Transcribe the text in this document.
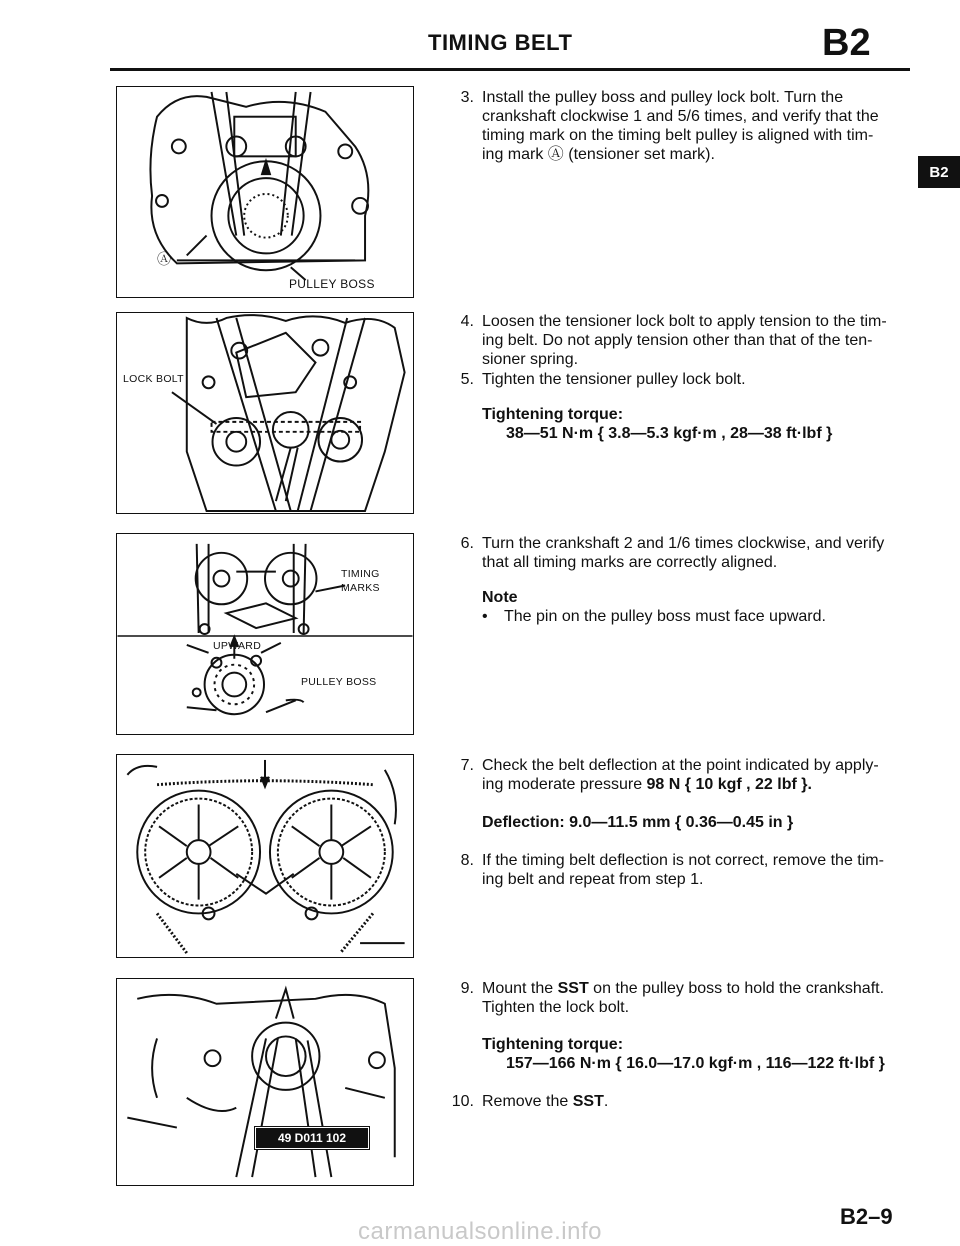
TIMING BELT	B2
B2
Ⓐ
PULLEY BOSS
LOCK BOLT
TIMING
MARKS
UPWARD
PULLEY BOSS
49 D011 102
3. Install the pulley boss and pulley lock bolt. Turn the
crankshaft clockwise 1 and 5/6 times, and verify that the
timing mark on the timing belt pulley is aligned with tim-
ing mark Ⓐ (tensioner set mark).
4. Loosen the tensioner lock bolt to apply tension to the tim-
ing belt. Do not apply tension other than that of the ten-
sioner spring.
5. Tighten the tensioner pulley lock bolt.
Tightening torque:
38—51 N·m { 3.8—5.3 kgf·m , 28—38 ft·lbf }
6. Turn the crankshaft 2 and 1/6 times clockwise, and verify
that all timing marks are correctly aligned.
Note
•	The pin on the pulley boss must face upward.
7. Check the belt deflection at the point indicated by apply-
ing moderate pressure 98 N { 10 kgf , 22 lbf }.
Deflection: 9.0—11.5 mm { 0.36—0.45 in }
8. If the timing belt deflection is not correct, remove the tim-
ing belt and repeat from step 1.
9. Mount the SST on the pulley boss to hold the crankshaft.
Tighten the lock bolt.
Tightening torque:
157—166 N·m { 16.0—17.0 kgf·m , 116—122 ft·lbf }
10. Remove the SST.
B2–9
carmanualsonline.info
